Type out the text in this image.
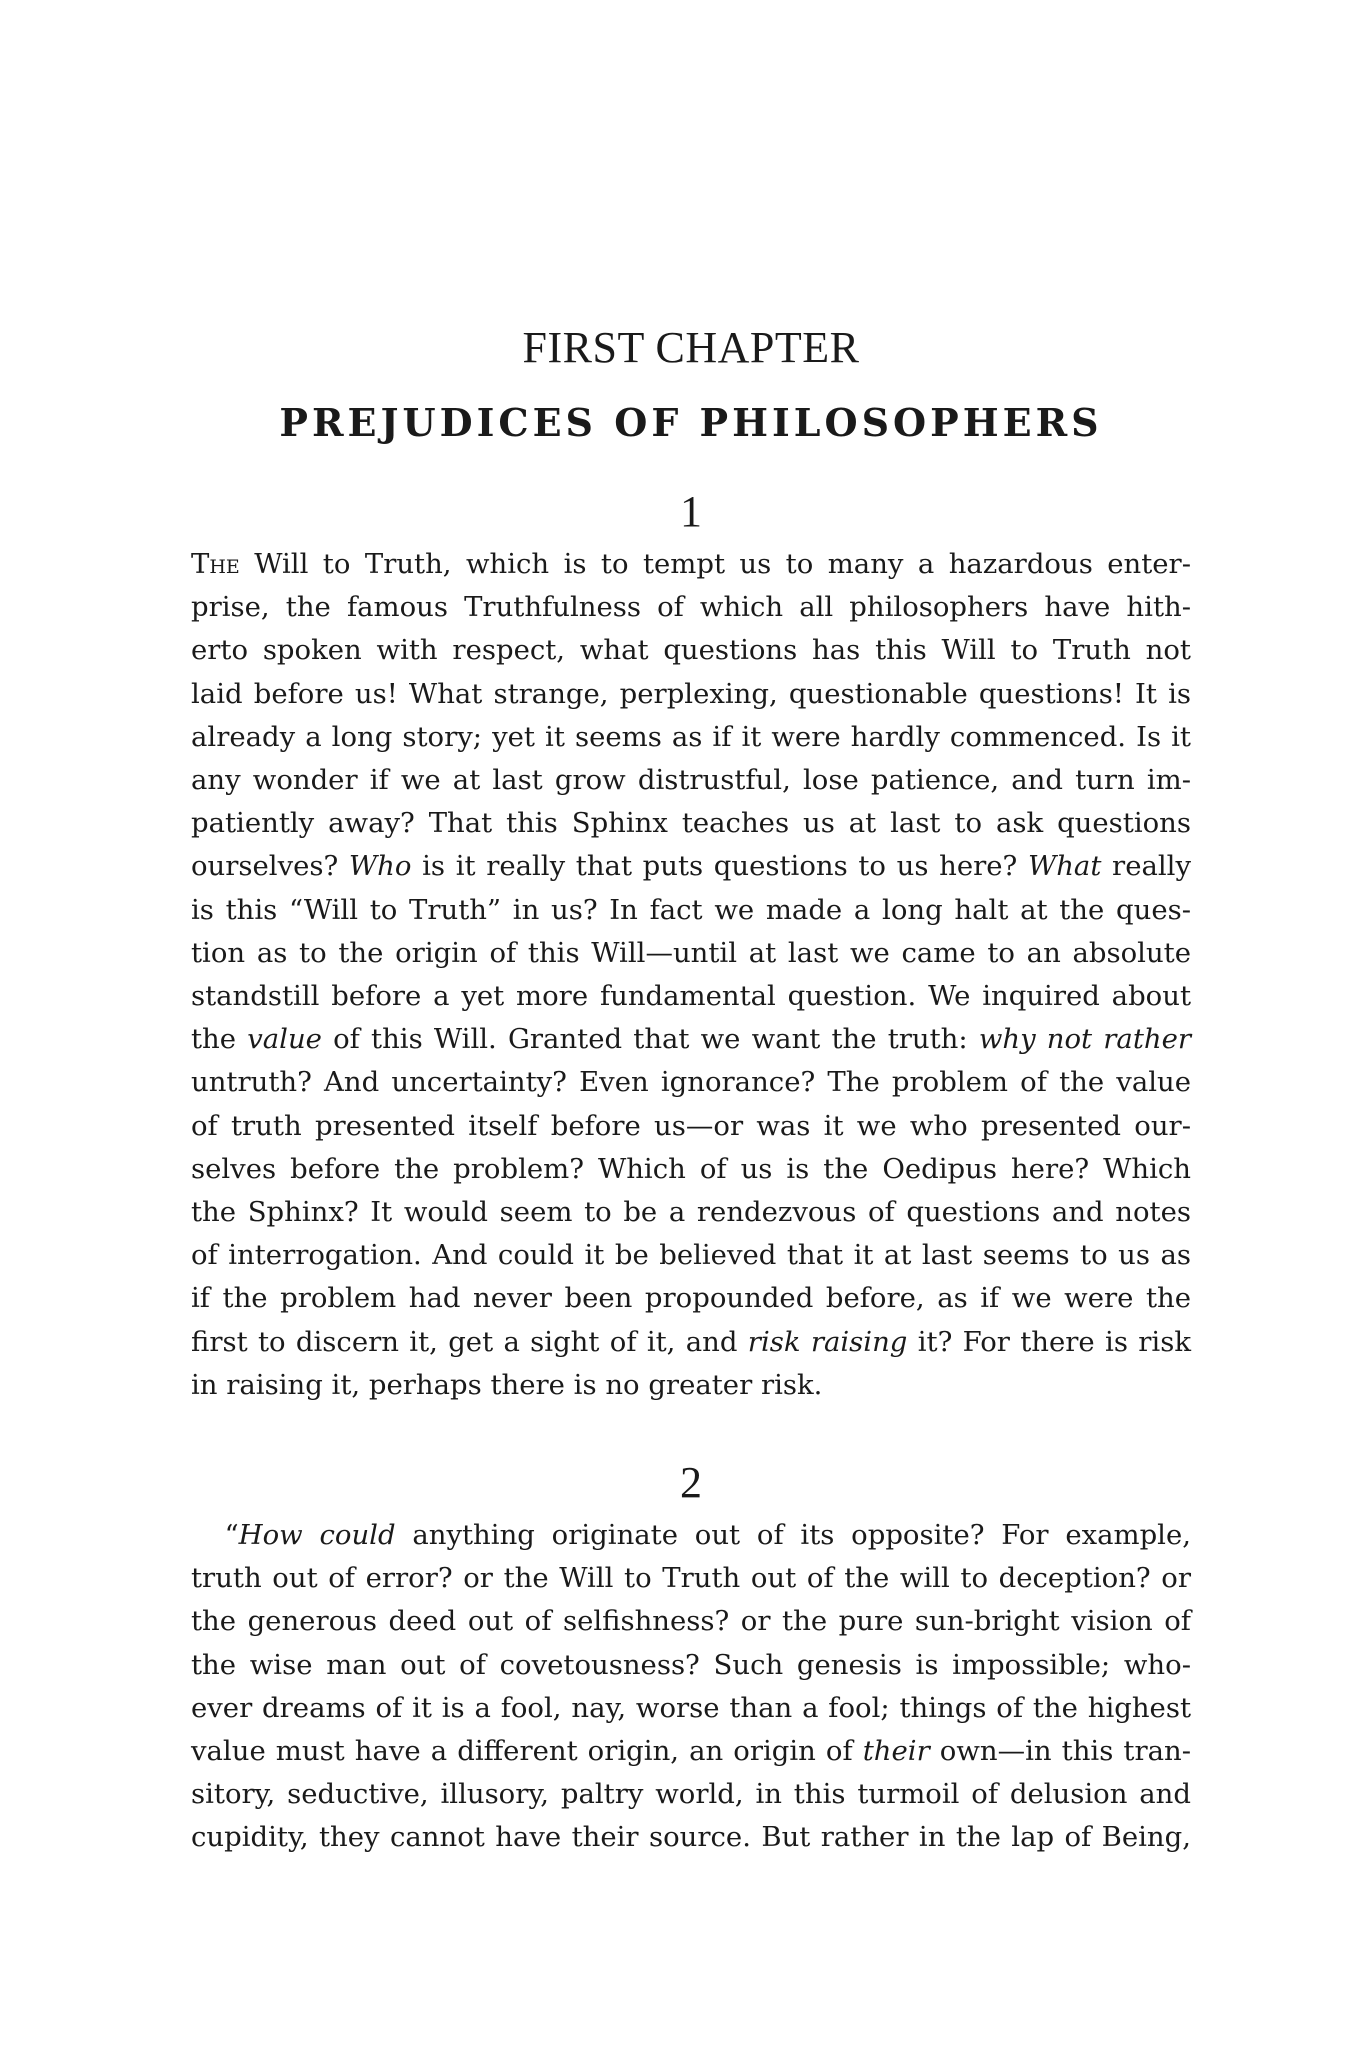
FIRST CHAPTER
PREJUDICES OF PHILOSOPHERS
1
The Will to Truth, which is to tempt us to many a hazardous enter-
prise, the famous Truthfulness of which all philosophers have hith-
erto spoken with respect, what questions has this Will to Truth not
laid before us! What strange, perplexing, questionable questions! It is
already a long story; yet it seems as if it were hardly commenced. Is it
any wonder if we at last grow distrustful, lose patience, and turn im-
patiently away? That this Sphinx teaches us at last to ask questions
ourselves? Who is it really that puts questions to us here? What really
is this “Will to Truth” in us? In fact we made a long halt at the ques-
tion as to the origin of this Will—until at last we came to an absolute
standstill before a yet more fundamental question. We inquired about
the value of this Will. Granted that we want the truth: why not rather
untruth? And uncertainty? Even ignorance? The problem of the value
of truth presented itself before us—or was it we who presented our-
selves before the problem? Which of us is the Oedipus here? Which
the Sphinx? It would seem to be a rendezvous of questions and notes
of interrogation. And could it be believed that it at last seems to us as
if the problem had never been propounded before, as if we were the
first to discern it, get a sight of it, and risk raising it? For there is risk
in raising it, perhaps there is no greater risk.
2
“How could anything originate out of its opposite? For example,
truth out of error? or the Will to Truth out of the will to deception? or
the generous deed out of selfishness? or the pure sun-bright vision of
the wise man out of covetousness? Such genesis is impossible; who-
ever dreams of it is a fool, nay, worse than a fool; things of the highest
value must have a different origin, an origin of their own—in this tran-
sitory, seductive, illusory, paltry world, in this turmoil of delusion and
cupidity, they cannot have their source. But rather in the lap of Being,
